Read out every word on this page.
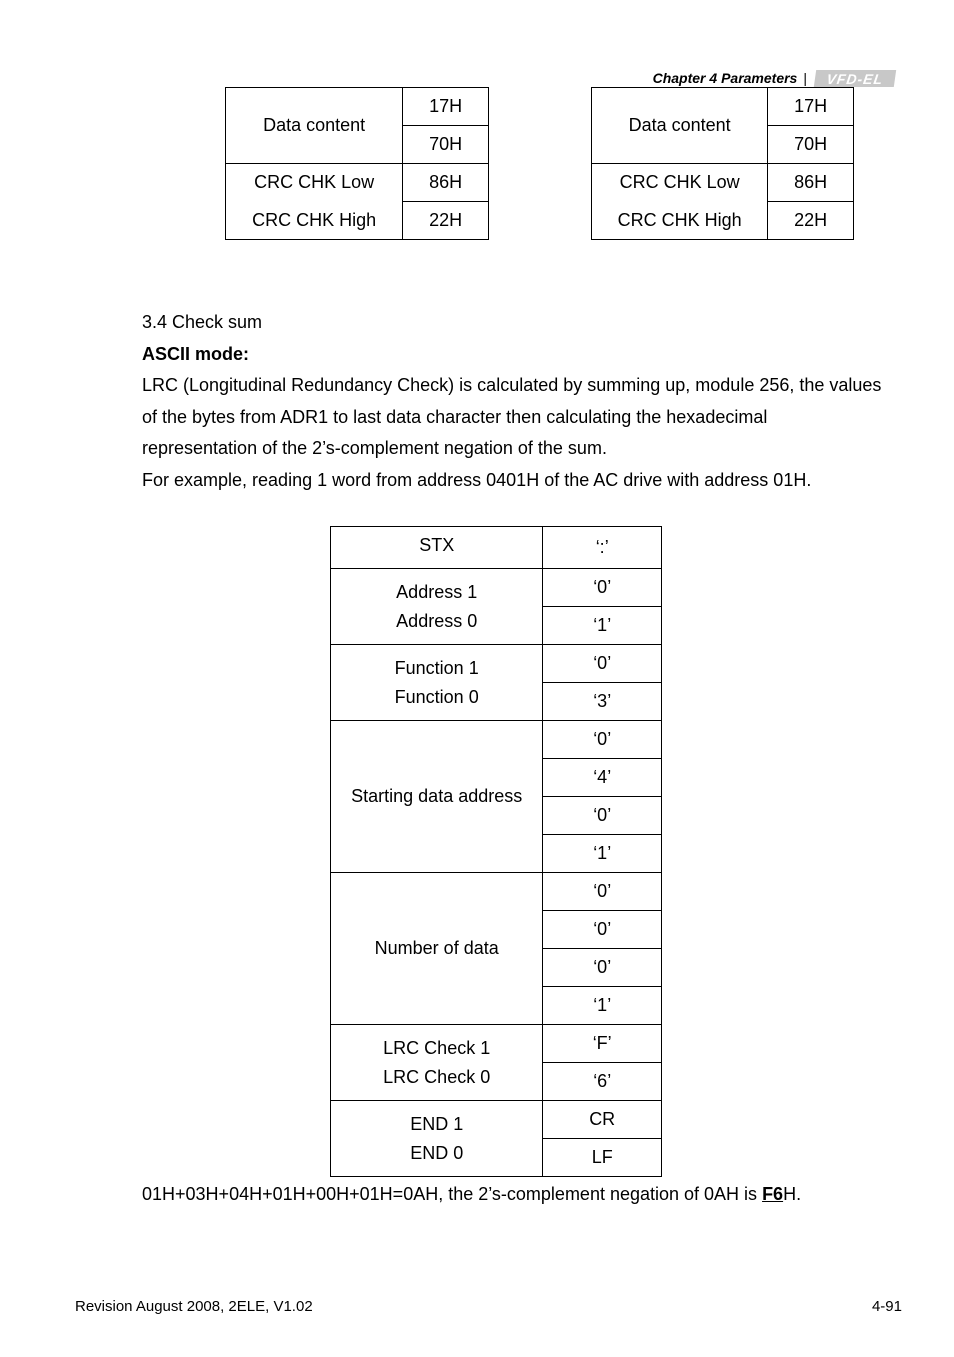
Chapter 4 Parameters |	VFD-EL
Data content	17H
	70H
CRC CHK Low	86H
CRC CHK High	22H
Data content	17H
	70H
CRC CHK Low	86H
CRC CHK High	22H
3.4 Check sum
ASCII mode:
LRC (Longitudinal Redundancy Check) is calculated by summing up, module 256, the values
of the bytes from ADR1 to last data character then calculating the hexadecimal
representation of the 2’s-complement negation of the sum.
For example, reading 1 word from address 0401H of the AC drive with address 01H.
STX	‘:’

Address 1
Address 0	‘0’
	‘1’

Function 1
Function 0	‘0’
	‘3’
Starting data address	‘0’
	‘4’
	‘0’
	‘1’
Number of data	‘0’
	‘0’
	‘0’
	‘1’

LRC Check 1
LRC Check 0	‘F’
	‘6’

END 1
END 0	CR
	LF
01H+03H+04H+01H+00H+01H=0AH, the 2’s-complement negation of 0AH is F6H.
Revision August 2008, 2ELE, V1.02	4-91
